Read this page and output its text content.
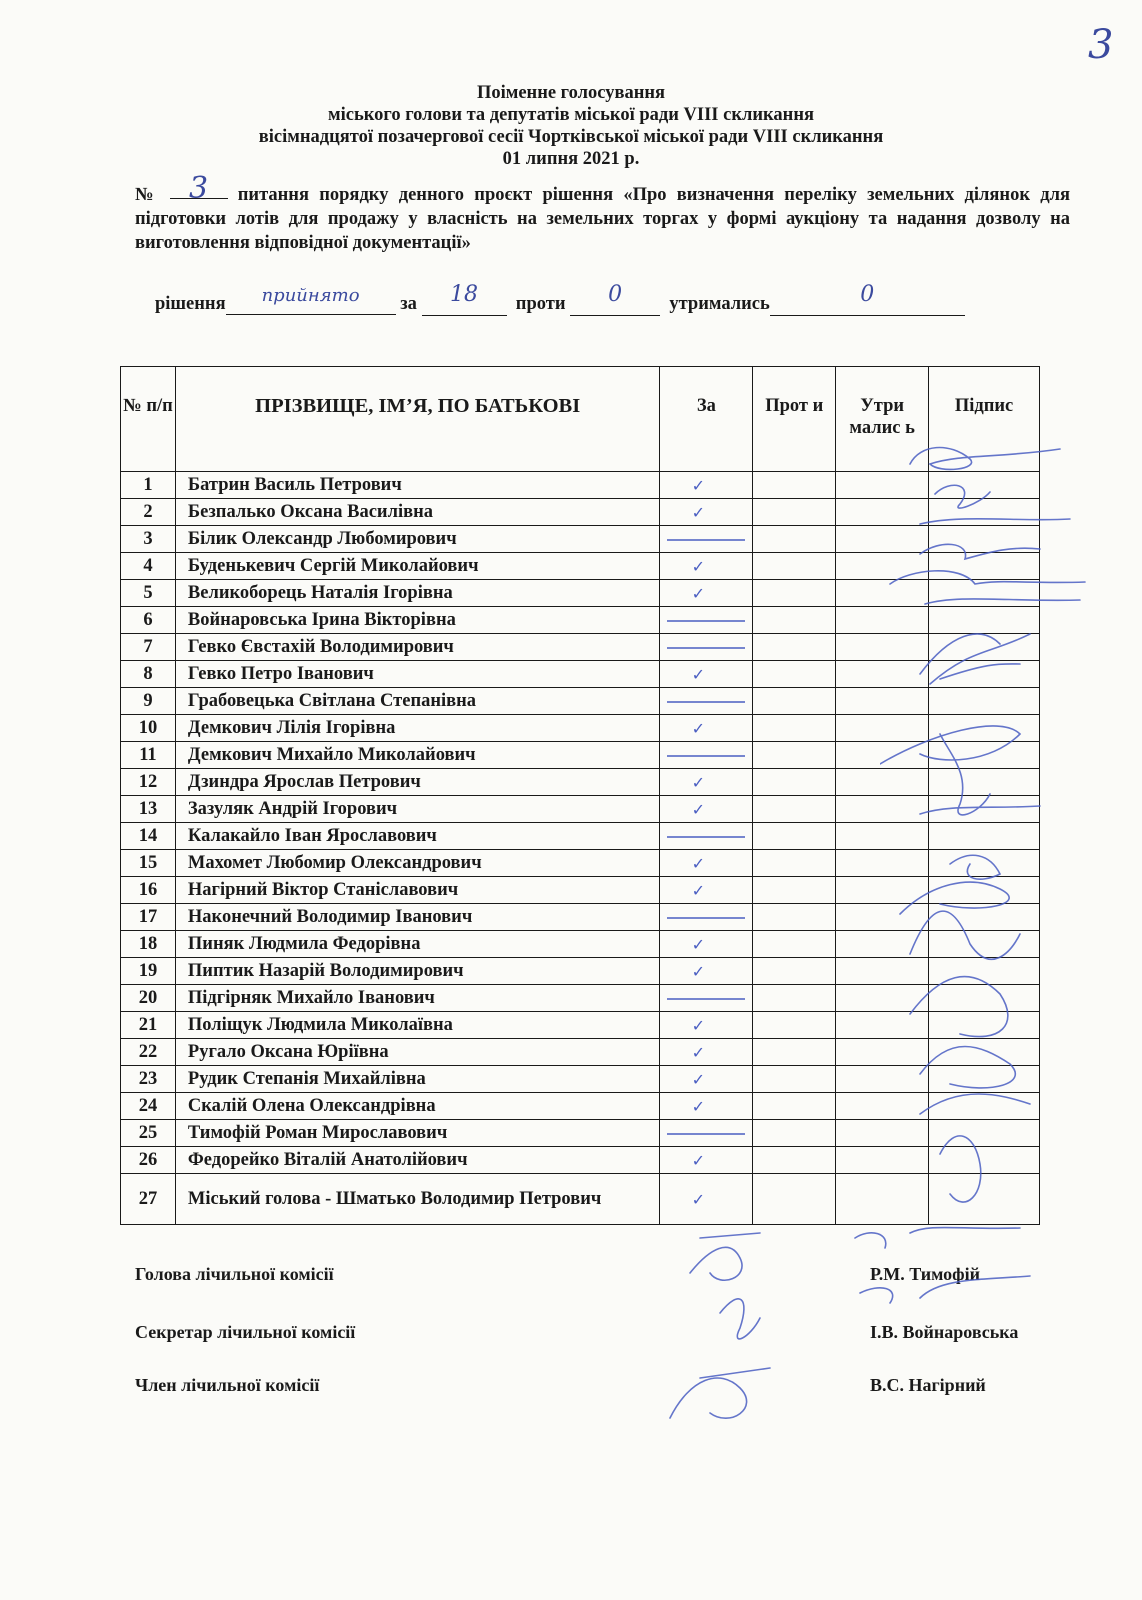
3
Поіменне голосування
міського голови та депутатів міської ради VIII скликання
вісімнадцятої позачергової сесії Чортківської міської ради VIII скликання
01 липня 2021 р.
№ 3 питання порядку денного проєкт рішення «Про визначення переліку земельних ділянок для підготовки лотів для продажу у власність на земельних торгах у формі аукціону та надання дозволу на виготовлення відповідної документації»
рішення прийнято за 18 проти 0	утримались	0
№ п/п	ПРІЗВИЩЕ, ІМ’Я, ПО БАТЬКОВІ	За	Прот и	Утри малис ь	Підпис
1	Батрин Василь Петрович	✓			
2	Безпалько Оксана Василівна	✓			
3	Білик Олександр Любомирович				
4	Буденькевич Сергій Миколайович	✓			
5	Великоборець Наталія Ігорівна	✓			
6	Войнаровська Ірина Вікторівна				
7	Гевко Євстахій Володимирович				
8	Гевко Петро Іванович	✓			
9	Грабовецька Світлана Степанівна				
10	Демкович Лілія Ігорівна	✓			
11	Демкович Михайло Миколайович				
12	Дзиндра Ярослав Петрович	✓			
13	Зазуляк Андрій Ігорович	✓			
14	Калакайло Іван Ярославович				
15	Махомет Любомир Олександрович	✓			
16	Нагірний Віктор Станіславович	✓			
17	Наконечний Володимир Іванович				
18	Пиняк Людмила Федорівна	✓			
19	Пиптик Назарій Володимирович	✓			
20	Підгірняк Михайло Іванович				
21	Поліщук Людмила Миколаївна	✓			
22	Ругало Оксана Юріївна	✓			
23	Рудик Степанія Михайлівна	✓			
24	Скалій Олена Олександрівна	✓			
25	Тимофій Роман Мирославович				
26	Федорейко Віталій Анатолійович	✓			
27	Міський голова - Шматько Володимир Петрович	✓			
Голова лічильної комісії	Р.М. Тимофій
Секретар лічильної комісії	І.В. Войнаровська
Член лічильної комісії	В.С. Нагірний
